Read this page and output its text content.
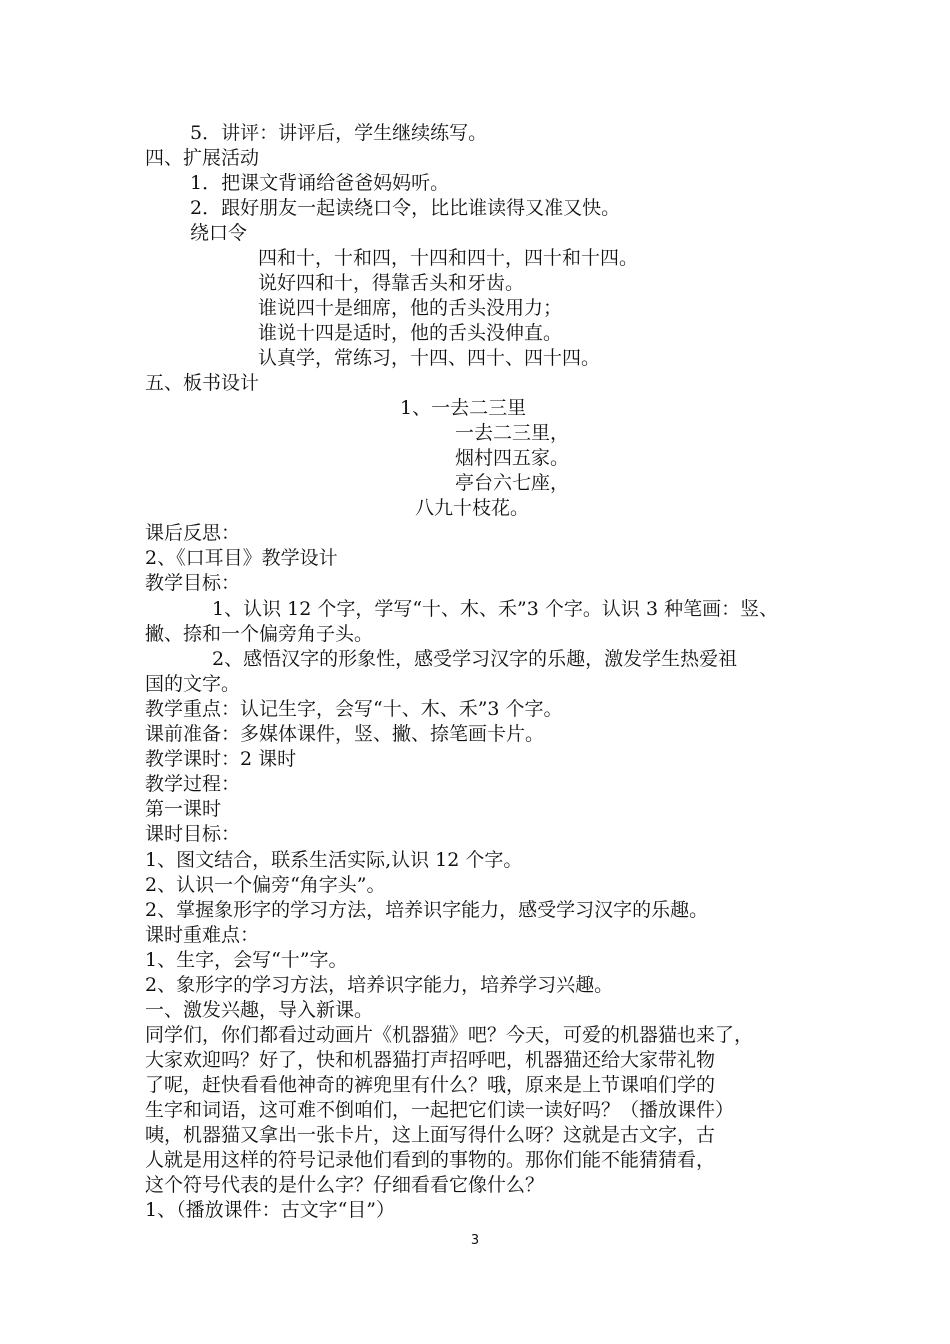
5．讲评：讲评后，学生继续练写。
四、扩展活动
1．把课文背诵给爸爸妈妈听。
2．跟好朋友一起读绕口令，比比谁读得又准又快。
绕口令
四和十，十和四，十四和四十，四十和十四。
说好四和十，得靠舌头和牙齿。
谁说四十是细席，他的舌头没用力；
谁说十四是适时，他的舌头没伸直。
认真学，常练习，十四、四十、四十四。
五、板书设计
1、一去二三里
一去二三里，
烟村四五家。
亭台六七座，
八九十枝花。
课后反思：
2、《口耳目》教学设计
教学目标：
1、认识 12 个字，学写“十、木、禾”3 个字。认识 3 种笔画：竖、
撇、捺和一个偏旁角子头。
2、感悟汉字的形象性，感受学习汉字的乐趣，激发学生热爱祖
国的文字。
教学重点：认记生字，会写“十、木、禾”3 个字。
课前准备：多媒体课件，竖、撇、捺笔画卡片。
教学课时：2 课时
教学过程：
第一课时
课时目标：
1、图文结合，联系生活实际,认识 12 个字。
2、认识一个偏旁“角字头”。
2、掌握象形字的学习方法，培养识字能力，感受学习汉字的乐趣。
课时重难点：
1、生字，会写“十”字。
2、象形字的学习方法，培养识字能力，培养学习兴趣。
一、激发兴趣，导入新课。
同学们，你们都看过动画片《机器猫》吧？今天，可爱的机器猫也来了，
大家欢迎吗？好了，快和机器猫打声招呼吧，机器猫还给大家带礼物
了呢，赶快看看他神奇的裤兜里有什么？哦，原来是上节课咱们学的
生字和词语，这可难不倒咱们，一起把它们读一读好吗？（播放课件）
咦，机器猫又拿出一张卡片，这上面写得什么呀？这就是古文字，古
人就是用这样的符号记录他们看到的事物的。那你们能不能猜猜看，
这个符号代表的是什么字？仔细看看它像什么？
1、（播放课件：古文字“目”）
3
